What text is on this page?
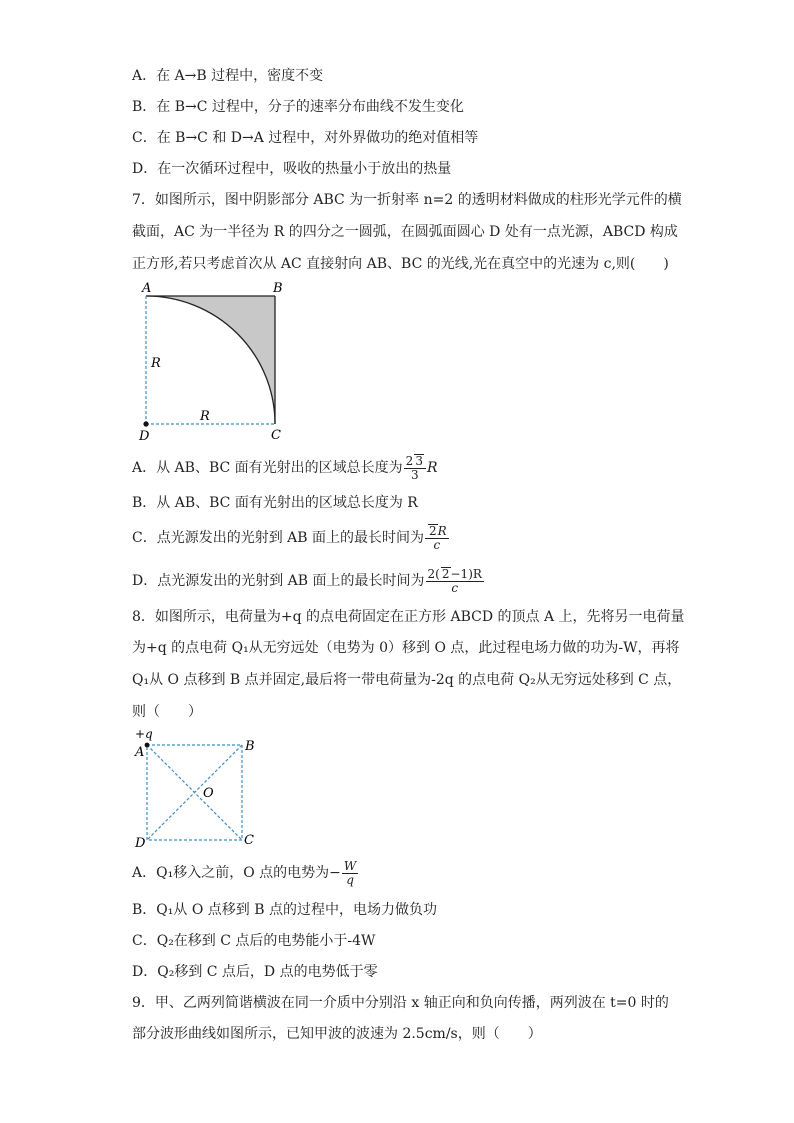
A．在 A→B 过程中，密度不变
B．在 B→C 过程中，分子的速率分布曲线不发生变化
C．在 B→C 和 D→A 过程中，对外界做功的绝对值相等
D．在一次循环过程中，吸收的热量小于放出的热量
7．如图所示，图中阴影部分 ABC 为一折射率 n=2 的透明材料做成的柱形光学元件的横
截面，AC 为一半径为 R 的四分之一圆弧，在圆弧面圆心 D 处有一点光源，ABCD 构成
正方形,若只考虑首次从 AC 直接射向 AB、BC 的光线,光在真空中的光速为 c,则(　　)
A	B
C
D
R
R
A．从 AB、BC 面有光射出的区域总长度为 $\frac{2 3}{3}$ R
B．从 AB、BC 面有光射出的区域总长度为 R
C．点光源发出的光射到 AB 面上的最长时间为 $\frac{2R}{c}$
D．点光源发出的光射到 AB 面上的最长时间为 $\frac{2( 2-1)R}{c}$
8．如图所示，电荷量为+q 的点电荷固定在正方形 ABCD 的顶点 A 上，先将另一电荷量
为+q 的点电荷 Q₁从无穷远处（电势为 0）移到 O 点，此过程电场力做的功为-W，再将
Q₁从 O 点移到 B 点并固定,最后将一带电荷量为-2q 的点电荷 Q₂从无穷远处移到 C 点，
则（　　）
+q
A	B
C
D
O
A．Q₁移入之前，O 点的电势为− $\frac{W}{q}$
B．Q₁从 O 点移到 B 点的过程中，电场力做负功
C．Q₂在移到 C 点后的电势能小于-4W
D．Q₂移到 C 点后，D 点的电势低于零
9．甲、乙两列简谐横波在同一介质中分别沿 x 轴正向和负向传播，两列波在 t=0 时的
部分波形曲线如图所示，已知甲波的波速为 2.5cm/s，则（　　）
